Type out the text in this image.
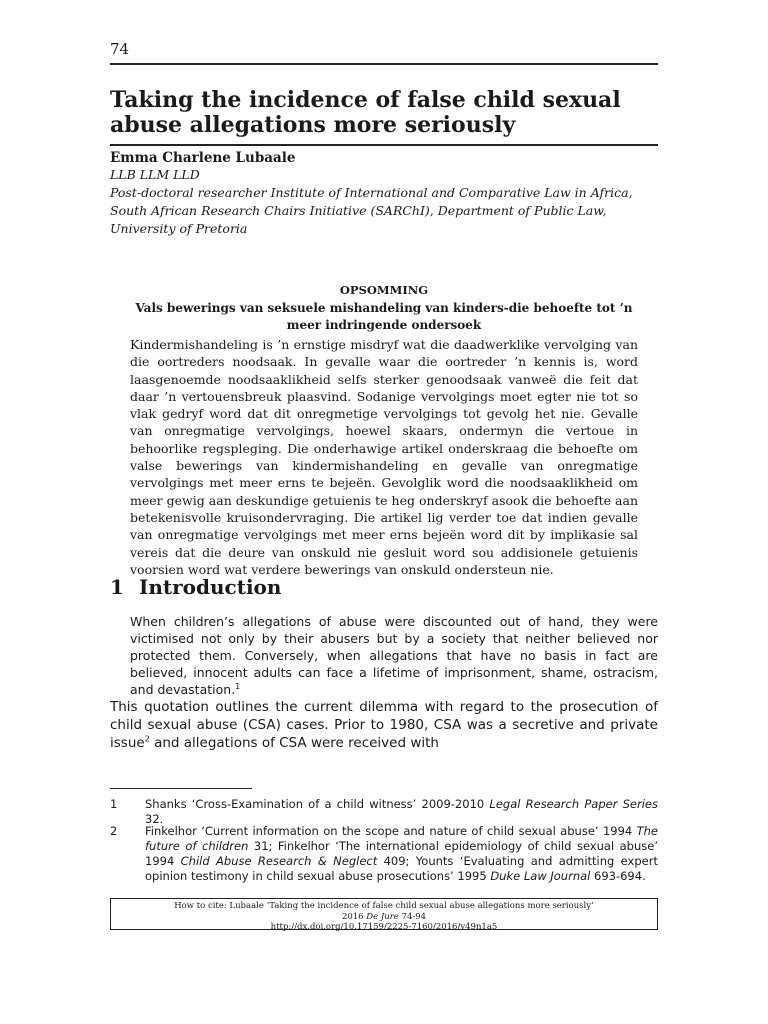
74
Taking the incidence of false child sexual abuse allegations more seriously
Emma Charlene Lubaale
LLB LLM LLD
Post-doctoral researcher Institute of International and Comparative Law in Africa, South African Research Chairs Initiative (SARChI), Department of Public Law, University of Pretoria
OPSOMMING
Vals bewerings van seksuele mishandeling van kinders-die behoefte tot ’n meer indringende ondersoek

Kindermishandeling is ’n ernstige misdryf wat die daadwerklike vervolging van die oortreders noodsaak. In gevalle waar die oortreder ’n kennis is, word laasgenoemde noodsaaklikheid selfs sterker genoodsaak vanweë die feit dat daar ’n vertouensbreuk plaasvind. Sodanige vervolgings moet egter nie tot so vlak gedryf word dat dit onregmetige vervolgings tot gevolg het nie. Gevalle van onregmatige vervolgings, hoewel skaars, ondermyn die vertoue in behoorlike regspleging. Die onderhawige artikel onderskraag die behoefte om valse bewerings van kindermishandeling en gevalle van onregmatige vervolgings met meer erns te bejeën. Gevolglik word die noodsaaklikheid om meer gewig aan deskundige getuienis te heg onderskryf asook die behoefte aan betekenisvolle kruisondervraging. Die artikel lig verder toe dat indien gevalle van onregmatige vervolgings met meer erns bejeën word dit by implikasie sal vereis dat die deure van onskuld nie gesluit word sou addisionele getuienis voorsien word wat verdere bewerings van onskuld ondersteun nie.

1 Introduction

When children’s allegations of abuse were discounted out of hand, they were victimised not only by their abusers but by a society that neither believed nor protected them. Conversely, when allegations that have no basis in fact are believed, innocent adults can face a lifetime of imprisonment, shame, ostracism, and devastation.$^1$

This quotation outlines the current dilemma with regard to the prosecution of child sexual abuse (CSA) cases. Prior to 1980, CSA was a secretive and private issue$^2$ and allegations of CSA were received with

1 Shanks ‘Cross-Examination of a child witness’ 2009-2010 Legal Research Paper Series 32.
2 Finkelhor ‘Current information on the scope and nature of child sexual abuse’ 1994 The future of children 31; Finkelhor ‘The international epidemiology of child sexual abuse’ 1994 Child Abuse Research & Neglect 409; Younts ‘Evaluating and admitting expert opinion testimony in child sexual abuse prosecutions’ 1995 Duke Law Journal 693-694.
How to cite: Lubaale ‘Taking the incidence of false child sexual abuse allegations more seriously’
2016 De Jure 74-94
http://dx.doi.org/10.17159/2225-7160/2016/v49n1a5
